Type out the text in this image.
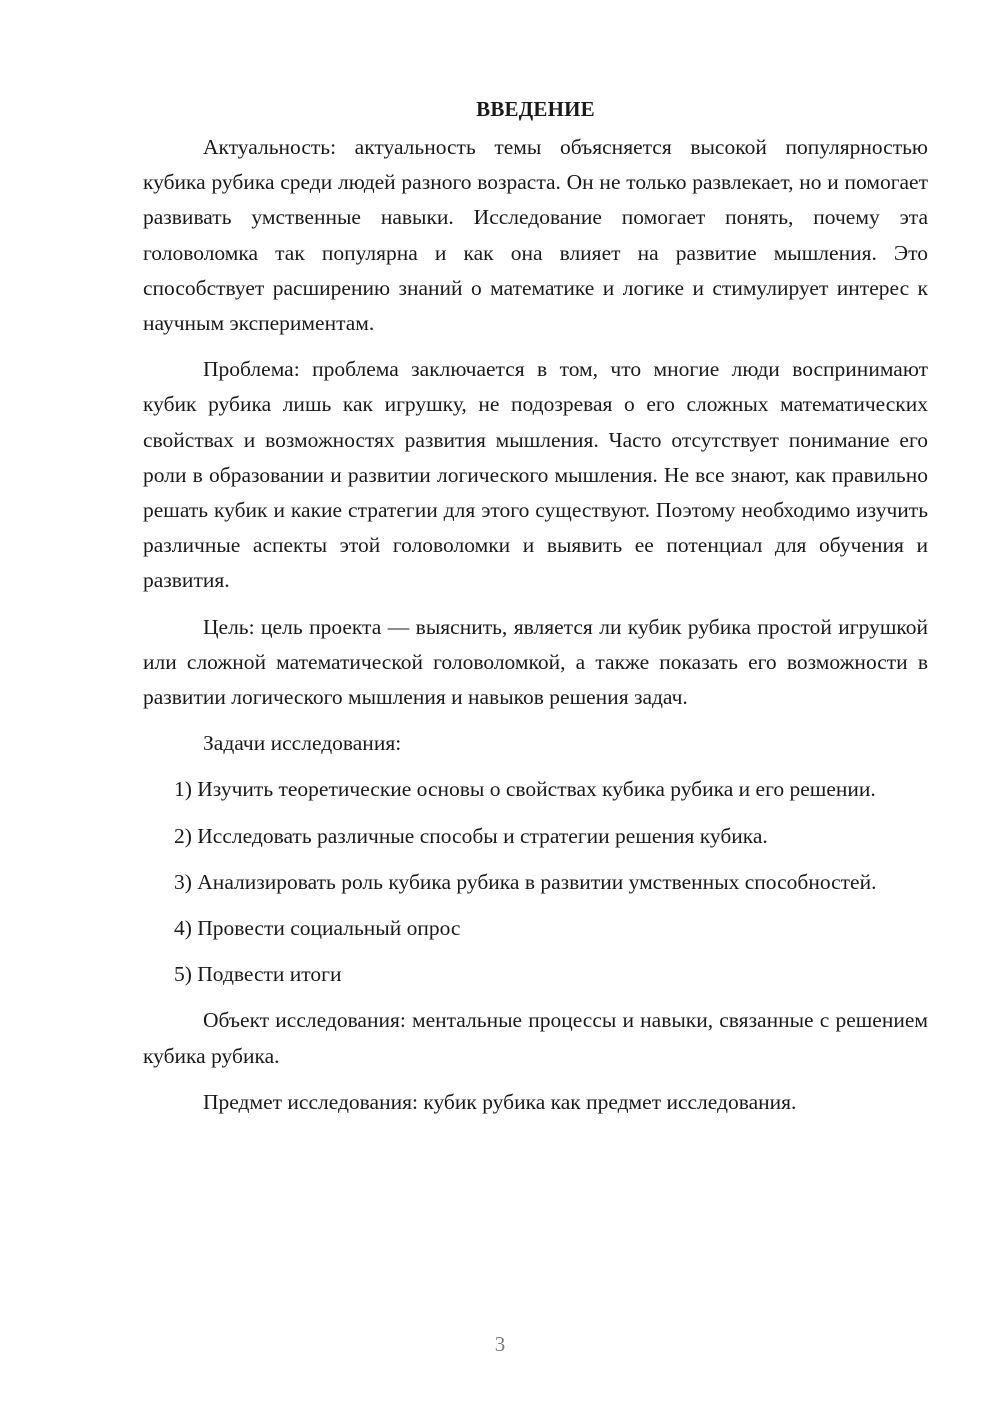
ВВЕДЕНИЕ

Актуальность: актуальность темы объясняется высокой популярностью кубика рубика среди людей разного возраста. Он не только развлекает, но и помогает развивать умственные навыки. Исследование помогает понять, почему эта головоломка так популярна и как она влияет на развитие мышления. Это способствует расширению знаний о математике и логике и стимулирует интерес к научным экспериментам.

Проблема: проблема заключается в том, что многие люди воспринимают кубик рубика лишь как игрушку, не подозревая о его сложных математических свойствах и возможностях развития мышления. Часто отсутствует понимание его роли в образовании и развитии логического мышления. Не все знают, как правильно решать кубик и какие стратегии для этого существуют. Поэтому необходимо изучить различные аспекты этой головоломки и выявить ее потенциал для обучения и развития.

Цель: цель проекта — выяснить, является ли кубик рубика простой игрушкой или сложной математической головоломкой, а также показать его возможности в развитии логического мышления и навыков решения задач.

Задачи исследования:

1) Изучить теоретические основы о свойствах кубика рубика и его решении.

2) Исследовать различные способы и стратегии решения кубика.

3) Анализировать роль кубика рубика в развитии умственных способностей.

4) Провести социальный опрос

5) Подвести итоги

Объект исследования: ментальные процессы и навыки, связанные с решением кубика рубика.

Предмет исследования: кубик рубика как предмет исследования.

3
